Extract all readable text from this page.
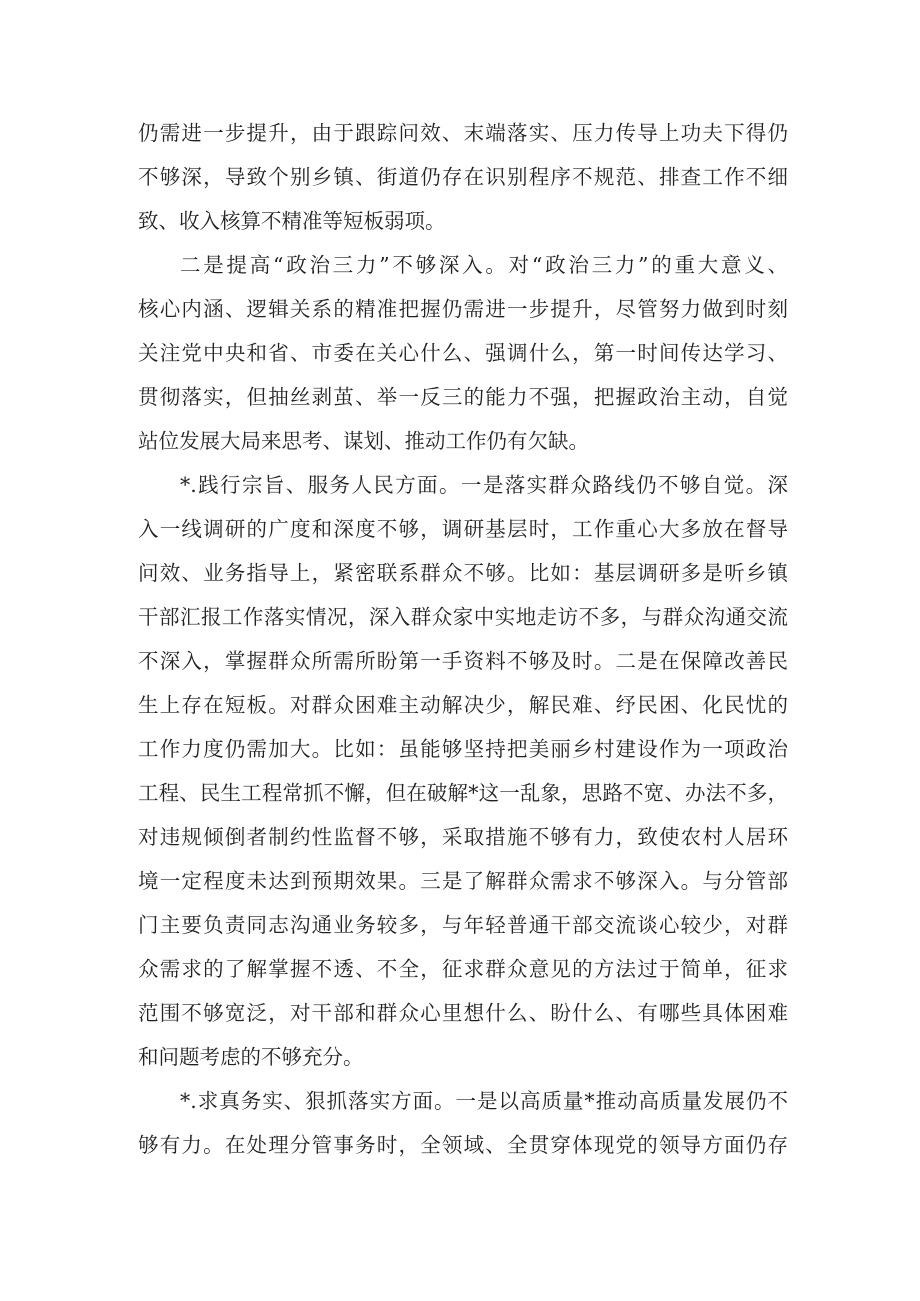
仍需进一步提升，由于跟踪问效、末端落实、压力传导上功夫下得仍
不够深，导致个别乡镇、街道仍存在识别程序不规范、排查工作不细
致、收入核算不精准等短板弱项。
二是提高“政治三力”不够深入。对“政治三力”的重大意义、
核心内涵、逻辑关系的精准把握仍需进一步提升，尽管努力做到时刻
关注党中央和省、市委在关心什么、强调什么，第一时间传达学习、
贯彻落实，但抽丝剥茧、举一反三的能力不强，把握政治主动，自觉
站位发展大局来思考、谋划、推动工作仍有欠缺。
*.践行宗旨、服务人民方面。一是落实群众路线仍不够自觉。深
入一线调研的广度和深度不够，调研基层时，工作重心大多放在督导
问效、业务指导上，紧密联系群众不够。比如：基层调研多是听乡镇
干部汇报工作落实情况，深入群众家中实地走访不多，与群众沟通交流
不深入，掌握群众所需所盼第一手资料不够及时。二是在保障改善民
生上存在短板。对群众困难主动解决少，解民难、纾民困、化民忧的
工作力度仍需加大。比如：虽能够坚持把美丽乡村建设作为一项政治
工程、民生工程常抓不懈，但在破解*这一乱象，思路不宽、办法不多，
对违规倾倒者制约性监督不够，采取措施不够有力，致使农村人居环
境一定程度未达到预期效果。三是了解群众需求不够深入。与分管部
门主要负责同志沟通业务较多，与年轻普通干部交流谈心较少，对群
众需求的了解掌握不透、不全，征求群众意见的方法过于简单，征求
范围不够宽泛，对干部和群众心里想什么、盼什么、有哪些具体困难
和问题考虑的不够充分。
*.求真务实、狠抓落实方面。一是以高质量*推动高质量发展仍不
够有力。在处理分管事务时，全领域、全贯穿体现党的领导方面仍存
